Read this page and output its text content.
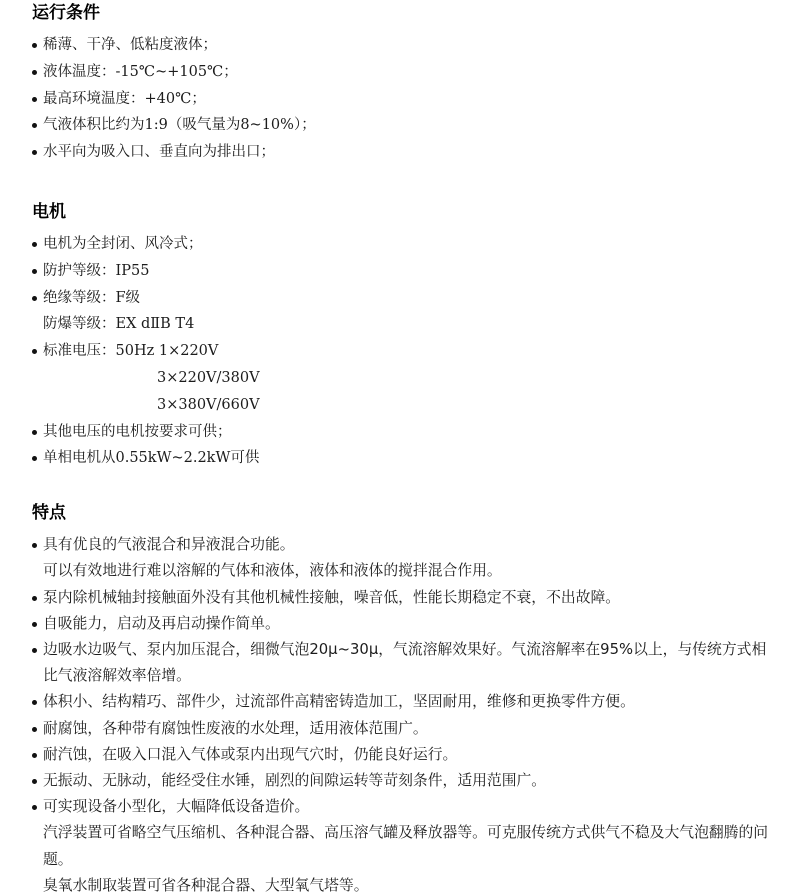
运行条件
稀薄、干净、低粘度液体；
液体温度：-15℃~+105℃；
最高环境温度：+40℃；
气液体积比约为1:9（吸气量为8~10%）；
水平向为吸入口、垂直向为排出口；
电机
电机为全封闭、风冷式；
防护等级：IP55
绝缘等级：F级
防爆等级：EX dⅡB T4
标准电压：50Hz 1×220V
3×220V/380V
3×380V/660V
其他电压的电机按要求可供；
单相电机从0.55kW~2.2kW可供
特点
具有优良的气液混合和异液混合功能。
可以有效地进行难以溶解的气体和液体，液体和液体的搅拌混合作用。
泵内除机械轴封接触面外没有其他机械性接触，噪音低，性能长期稳定不衰，不出故障。
自吸能力，启动及再启动操作简单。
边吸水边吸气、泵内加压混合，细微气泡20μ~30μ，气流溶解效果好。气流溶解率在95%以上，与传统方式相比气液溶解效率倍增。
体积小、结构精巧、部件少，过流部件高精密铸造加工，坚固耐用，维修和更换零件方便。
耐腐蚀，各种带有腐蚀性废液的水处理，适用液体范围广。
耐汽蚀，在吸入口混入气体或泵内出现气穴时，仍能良好运行。
无振动、无脉动，能经受住水锤，剧烈的间隙运转等苛刻条件，适用范围广。
可实现设备小型化，大幅降低设备造价。
汽浮装置可省略空气压缩机、各种混合器、高压溶气罐及释放器等。可克服传统方式供气不稳及大气泡翻腾的问题。
臭氧水制取装置可省各种混合器、大型氧气塔等。
